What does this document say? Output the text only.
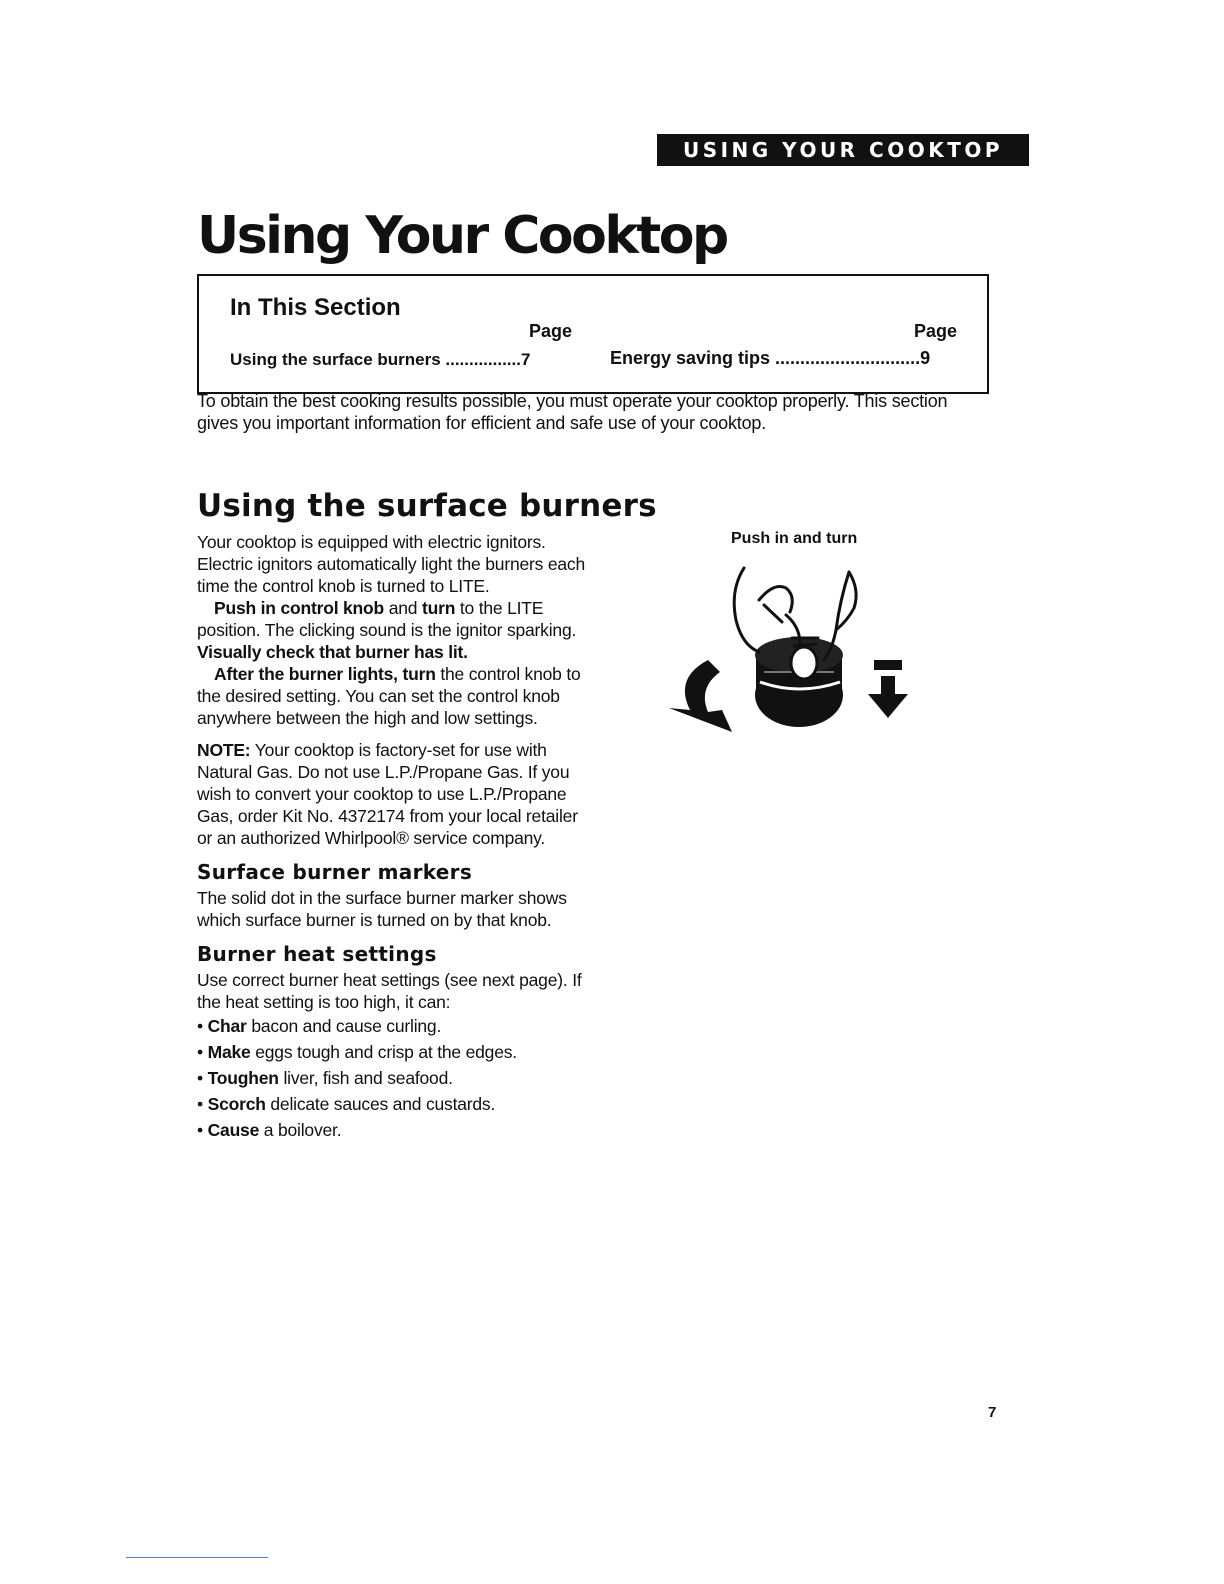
USING YOUR COOKTOP
Using Your Cooktop
In This Section
Page	Page
Using the surface burners ................7	Energy saving tips .............................9

To obtain the best cooking results possible, you must operate your cooktop properly. This section gives you important information for efficient and safe use of your cooktop.

Using the surface burners

Your cooktop is equipped with electric ignitors. Electric ignitors automatically light the burners each time the control knob is turned to LITE.

Push in control knob and turn to the LITE position. The clicking sound is the ignitor sparking. Visually check that burner has lit.

After the burner lights, turn the control knob to the desired setting. You can set the control knob anywhere between the high and low settings.

NOTE: Your cooktop is factory-set for use with Natural Gas. Do not use L.P./Propane Gas. If you wish to convert your cooktop to use L.P./Propane Gas, order Kit No. 4372174 from your local retailer or an authorized Whirlpool® service company.

Surface burner markers

The solid dot in the surface burner marker shows which surface burner is turned on by that knob.

Burner heat settings

Use correct burner heat settings (see next page). If the heat setting is too high, it can:

• Char bacon and cause curling.
• Make eggs tough and crisp at the edges.
• Toughen liver, fish and seafood.
• Scorch delicate sauces and custards.
• Cause a boilover.
Push in and turn
7
